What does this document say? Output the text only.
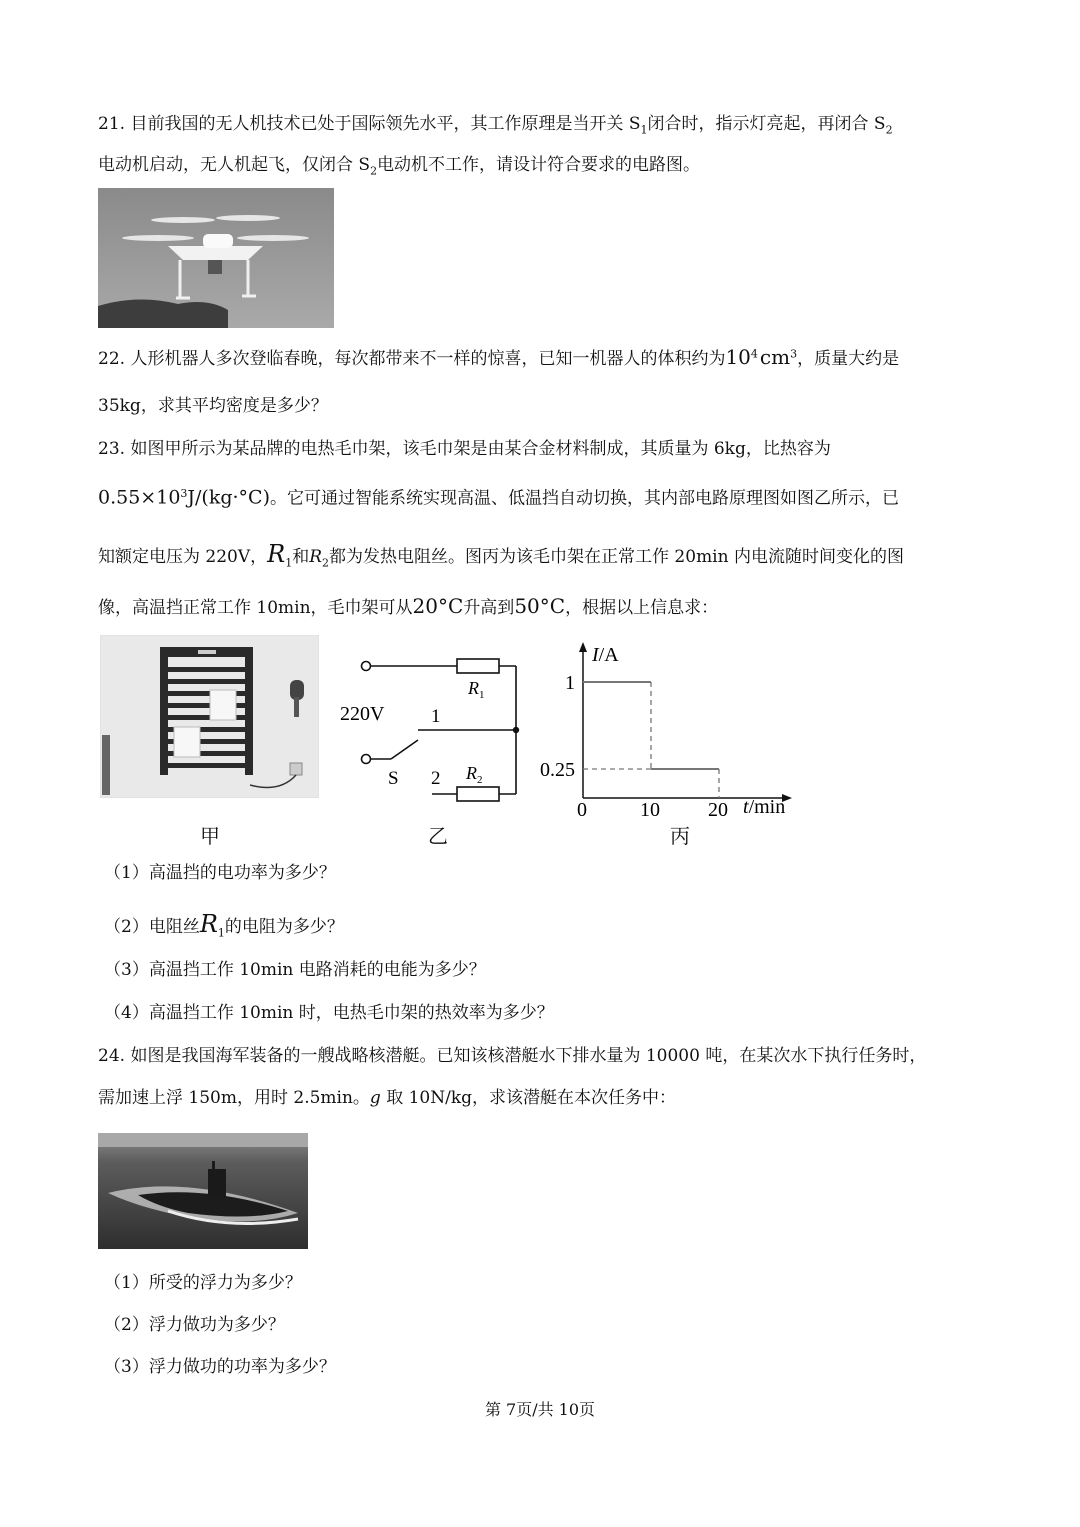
21. 目前我国的无人机技术已处于国际领先水平，其工作原理是当开关 $S_1$闭合时，指示灯亮起，再闭合 $S_2$
电动机启动，无人机起飞，仅闭合 $S_2$电动机不工作，请设计符合要求的电路图。
22. 人形机器人多次登临春晚，每次都带来不一样的惊喜，已知一机器人的体积约为$10^4$  $cm^3$，质量大约是
35kg，求其平均密度是多少？
23. 如图甲所示为某品牌的电热毛巾架，该毛巾架是由某合金材料制成，其质量为 6kg，比热容为
$0.55\times 10^3J/(kg\cdot^\circ C)$。它可通过智能系统实现高温、低温挡自动切换，其内部电路原理图如图乙所示，已
知额定电压为 220V，$R_1$和$R_2$都为发热电阻丝。图丙为该毛巾架在正常工作 20min 内电流随时间变化的图
像，高温挡正常工作 10min，毛巾架可从20°C升高到50°C，根据以上信息求：
220V
$R_1$
1
S 2 $R_2$
I/A
t/min
0	10 20
1
0.25
甲	乙	丙
（1）高温挡的电功率为多少？
（2）电阻丝$R_1$的电阻为多少？
（3）高温挡工作 10min 电路消耗的电能为多少？
（4）高温挡工作 10min 时，电热毛巾架的热效率为多少？
24. 如图是我国海军装备的一艘战略核潜艇。已知该核潜艇水下排水量为 10000 吨，在某次水下执行任务时，
需加速上浮 150m，用时 2.5min。g 取 10N/kg，求该潜艇在本次任务中：
（1）所受的浮力为多少？
（2）浮力做功为多少？
（3）浮力做功的功率为多少？
第 7页/共 10页
